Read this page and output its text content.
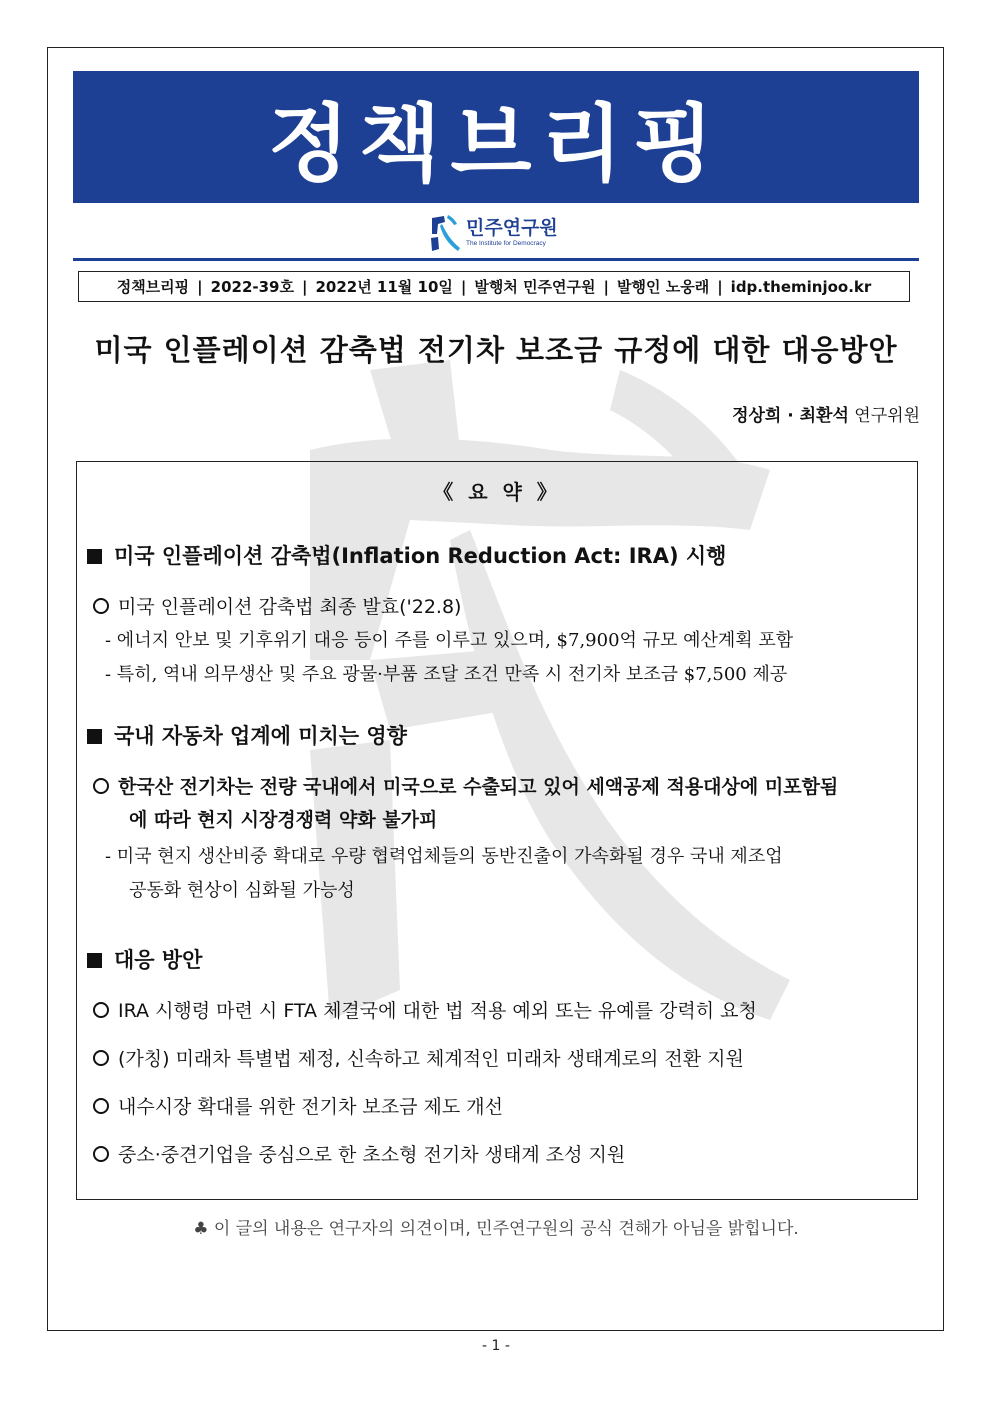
정책브리핑
민주연구원
The Institute for Democracy
정책브리핑 | 2022-39호 | 2022년 11월 10일 | 발행처 민주연구원 | 발행인 노웅래 | idp.theminjoo.kr
미국 인플레이션 감축법 전기차 보조금 규정에 대한 대응방안
정상희 · 최환석 연구위원
《 요 약 》
미국 인플레이션 감축법(Inflation Reduction Act: IRA) 시행
미국 인플레이션 감축법 최종 발효('22.8)
- 에너지 안보 및 기후위기 대응 등이 주를 이루고 있으며, $7,900억 규모 예산계획 포함
- 특히, 역내 의무생산 및 주요 광물·부품 조달 조건 만족 시 전기차 보조금 $7,500 제공
국내 자동차 업계에 미치는 영향
한국산 전기차는 전량 국내에서 미국으로 수출되고 있어 세액공제 적용대상에 미포함됨
에 따라 현지 시장경쟁력 약화 불가피
- 미국 현지 생산비중 확대로 우량 협력업체들의 동반진출이 가속화될 경우 국내 제조업
공동화 현상이 심화될 가능성
대응 방안
IRA 시행령 마련 시 FTA 체결국에 대한 법 적용 예외 또는 유예를 강력히 요청
(가칭) 미래차 특별법 제정, 신속하고 체계적인 미래차 생태계로의 전환 지원
내수시장 확대를 위한 전기차 보조금 제도 개선
중소·중견기업을 중심으로 한 초소형 전기차 생태계 조성 지원
♣ 이 글의 내용은 연구자의 의견이며, 민주연구원의 공식 견해가 아님을 밝힙니다.
- 1 -
